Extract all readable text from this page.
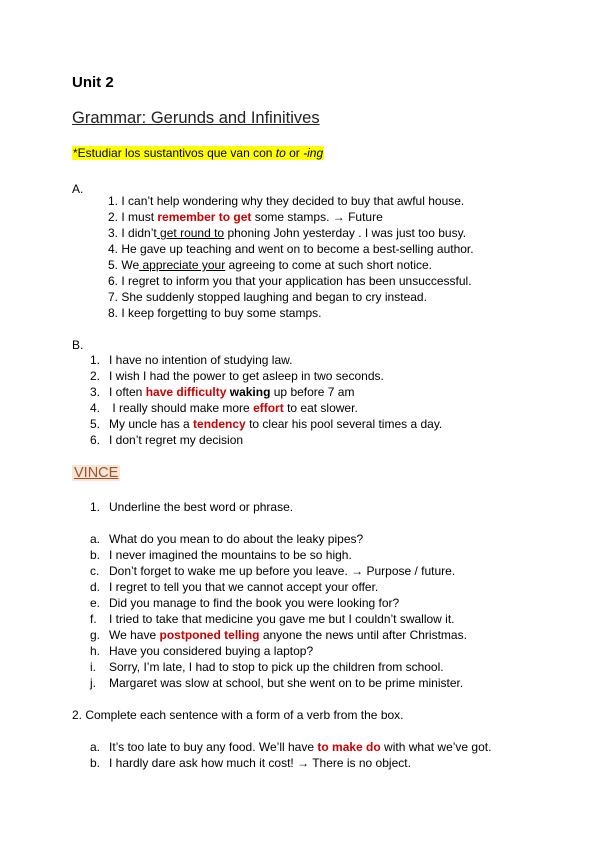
Unit 2
Grammar: Gerunds and Infinitives
*Estudiar los sustantivos que van con to or -ing
A.
1. I can’t help wondering why they decided to buy that awful house.
2. I must remember to get some stamps. → Future
3. I didn’t get round to phoning John yesterday . I was just too busy.
4. He gave up teaching and went on to become a best-selling author.
5. We appreciate your agreeing to come at such short notice.
6. I regret to inform you that your application has been unsuccessful.
7. She suddenly stopped laughing and began to cry instead.
8. I keep forgetting to buy some stamps.
B.
1. I have no intention of studying law.
2. I wish I had the power to get asleep in two seconds.
3. I often have difficulty waking up before 7 am
4. I really should make more effort to eat slower.
5. My uncle has a tendency to clear his pool several times a day.
6. I don’t regret my decision
VINCE
1. Underline the best word or phrase.
a. What do you mean to do about the leaky pipes?
b. I never imagined the mountains to be so high.
c. Don’t forget to wake me up before you leave. → Purpose / future.
d. I regret to tell you that we cannot accept your offer.
e. Did you manage to find the book you were looking for?
f. I tried to take that medicine you gave me but I couldn’t swallow it.
g. We have postponed telling anyone the news until after Christmas.
h. Have you considered buying a laptop?
i. Sorry, I’m late, I had to stop to pick up the children from school.
j. Margaret was slow at school, but she went on to be prime minister.
2. Complete each sentence with a form of a verb from the box.
a. It’s too late to buy any food. We’ll have to make do with what we’ve got.
b. I hardly dare ask how much it cost! → There is no object.
